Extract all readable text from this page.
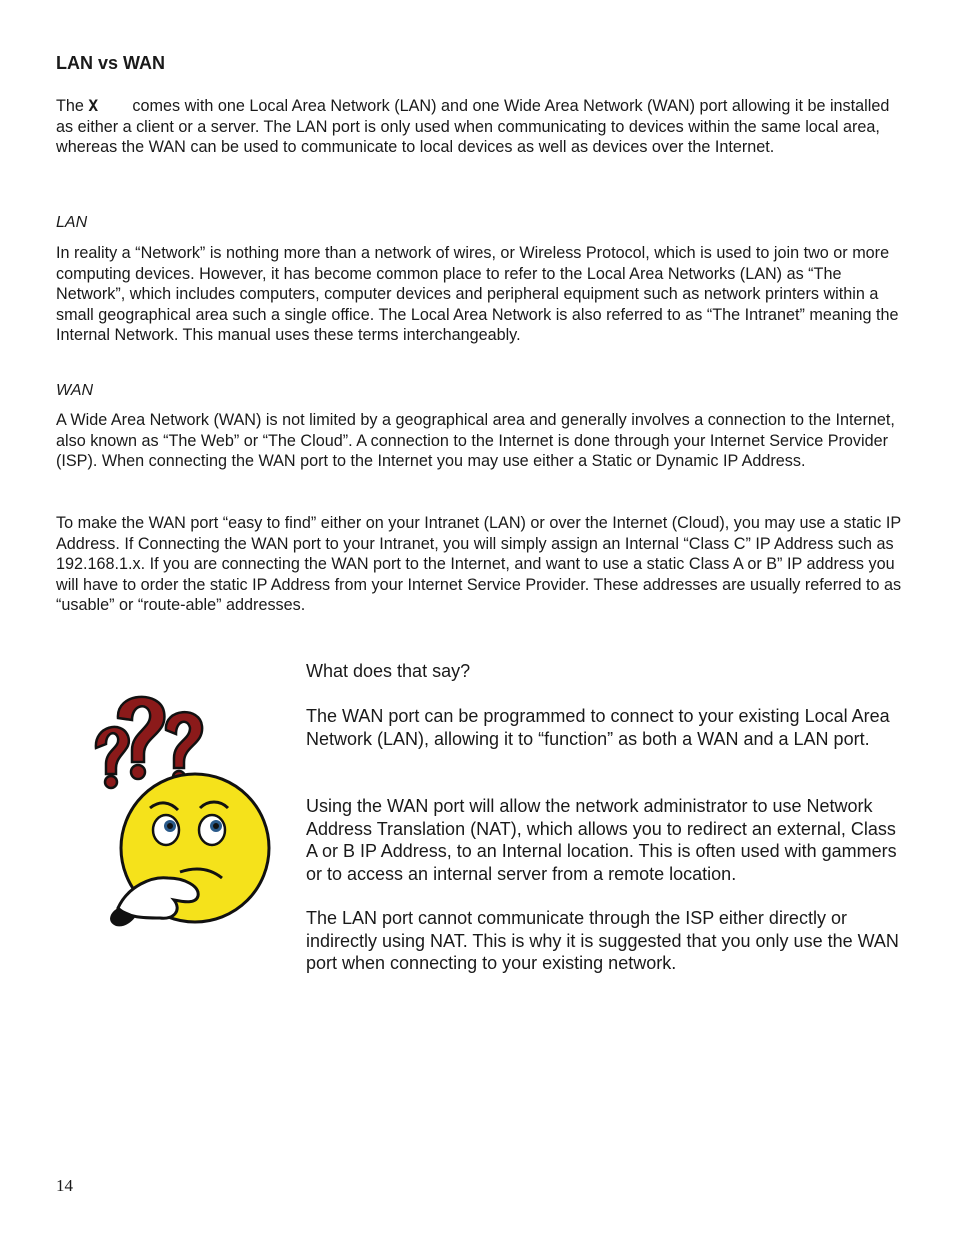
LAN vs WAN

The X comes with one Local Area Network (LAN) and one Wide Area Network (WAN) port allowing it be installed as either a client or a server. The LAN port is only used when communicating to devices within the same local area, whereas the WAN can be used to communicate to local devices as well as devices over the Internet.

LAN

In reality a “Network” is nothing more than a network of wires, or Wireless Protocol, which is used to join two or more computing devices. However, it has become common place to refer to the Local Area Networks (LAN) as “The Network”, which includes computers, computer devices and peripheral equipment such as network printers within a small geographical area such a single office. The Local Area Network is also referred to as “The Intranet” meaning the Internal Network. This manual uses these terms interchangeably.

WAN

A Wide Area Network (WAN) is not limited by a geographical area and generally involves a connection to the Internet, also known as “The Web” or “The Cloud”. A connection to the Internet is done through your Internet Service Provider (ISP). When connecting the WAN port to the Internet you may use either a Static or Dynamic IP Address.

To make the WAN port “easy to find” either on your Intranet (LAN) or over the Internet (Cloud), you may use a static IP Address. If Connecting the WAN port to your Intranet, you will simply assign an Internal “Class C” IP Address such as 192.168.1.x. If you are connecting the WAN port to the Internet, and want to use a static Class A or B” IP address you will have to order the static IP Address from your Internet Service Provider. These addresses are usually referred to as “usable” or “route-able” addresses.

What does that say?

The WAN port can be programmed to connect to your existing Local Area Network (LAN), allowing it to “function” as both a WAN and a LAN port.

Using the WAN port will allow the network administrator to use Network Address Translation (NAT), which allows you to redirect an external, Class A or B IP Address, to an Internal location. This is often used with gammers or to access an internal server from a remote location.

The LAN port cannot communicate through the ISP either directly or indirectly using NAT. This is why it is suggested that you only use the WAN port when connecting to your existing network.

14
